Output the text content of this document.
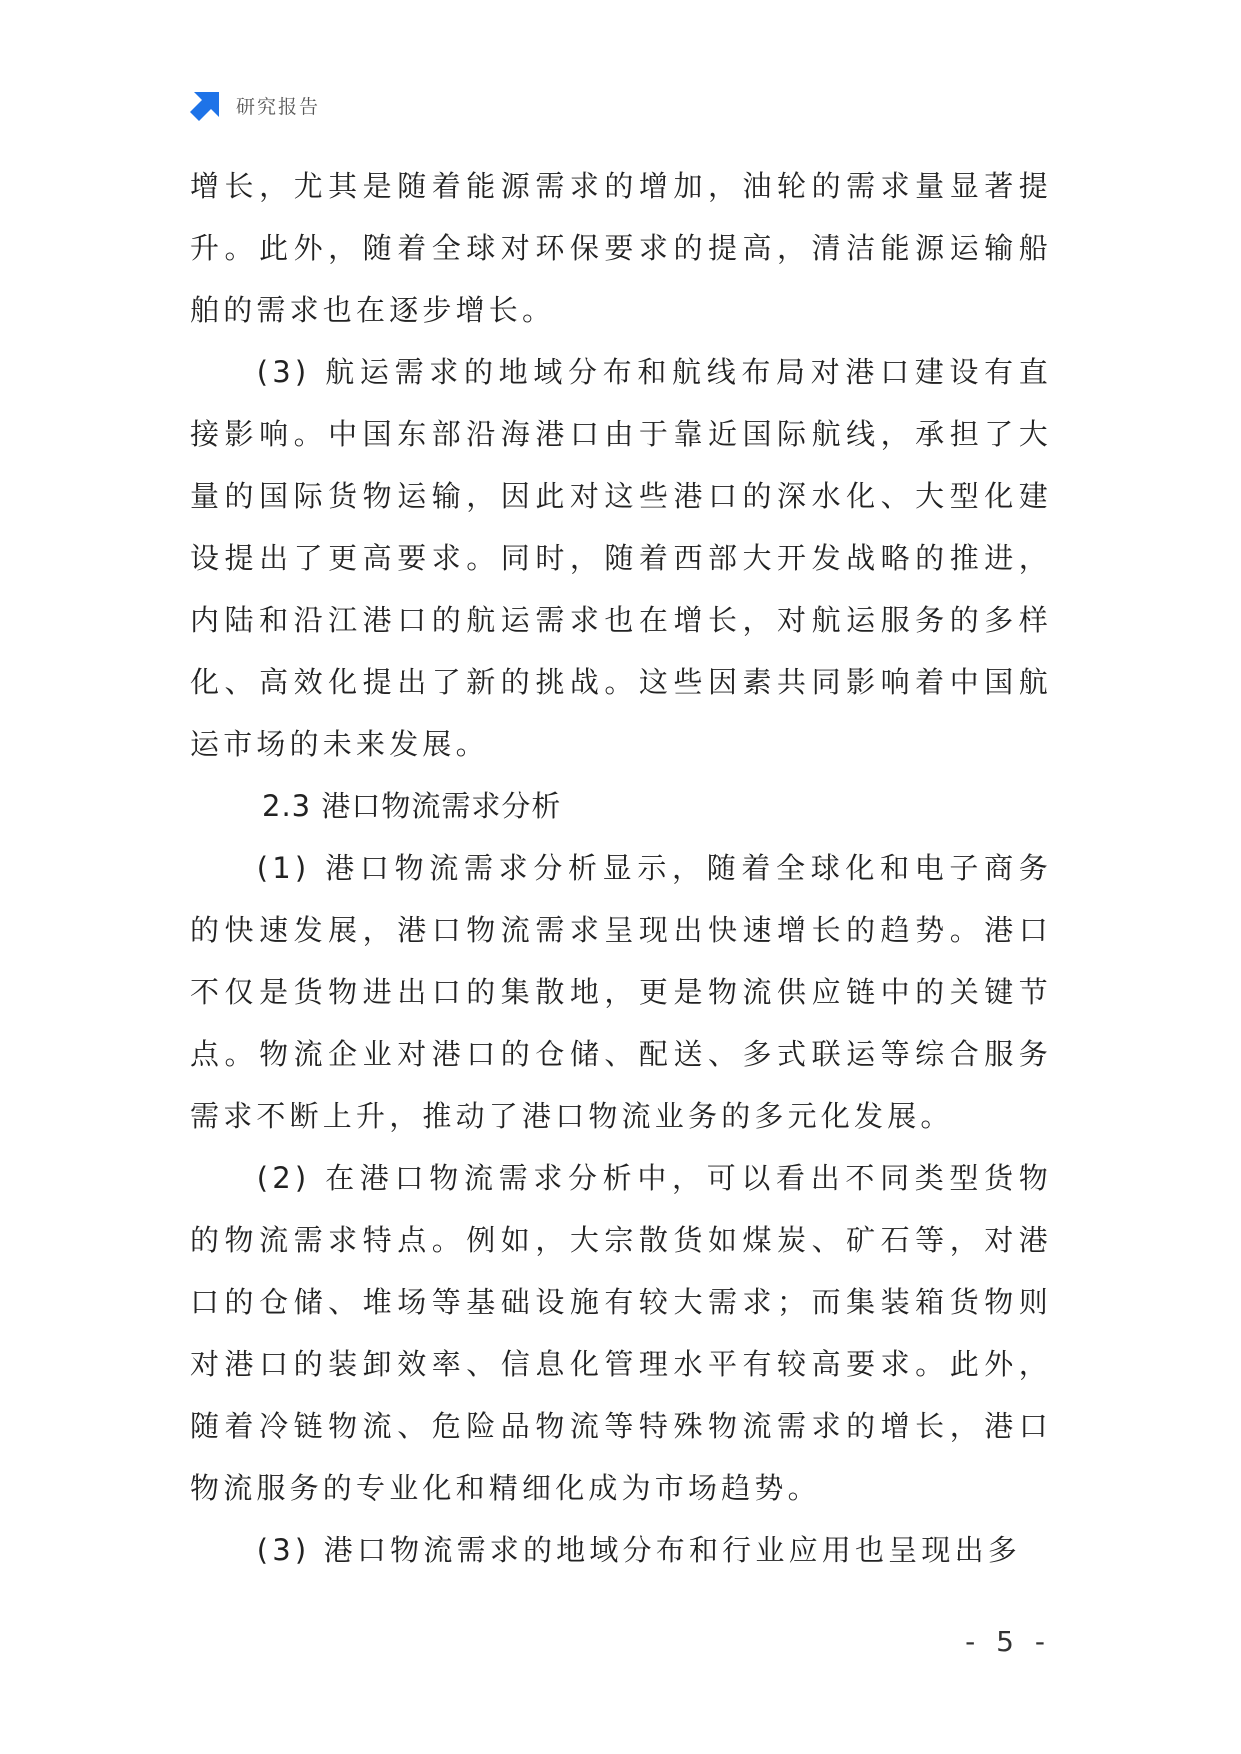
研究报告

增长，尤其是随着能源需求的增加，油轮的需求量显著提升。此外，随着全球对环保要求的提高，清洁能源运输船舶的需求也在逐步增长。

(3) 航运需求的地域分布和航线布局对港口建设有直接影响。中国东部沿海港口由于靠近国际航线，承担了大量的国际货物运输，因此对这些港口的深水化、大型化建设提出了更高要求。同时，随着西部大开发战略的推进，内陆和沿江港口的航运需求也在增长，对航运服务的多样化、高效化提出了新的挑战。这些因素共同影响着中国航运市场的未来发展。

2.3 港口物流需求分析

(1) 港口物流需求分析显示，随着全球化和电子商务的快速发展，港口物流需求呈现出快速增长的趋势。港口不仅是货物进出口的集散地，更是物流供应链中的关键节点。物流企业对港口的仓储、配送、多式联运等综合服务需求不断上升，推动了港口物流业务的多元化发展。

(2) 在港口物流需求分析中，可以看出不同类型货物的物流需求特点。例如，大宗散货如煤炭、矿石等，对港口的仓储、堆场等基础设施有较大需求；而集装箱货物则对港口的装卸效率、信息化管理水平有较高要求。此外，随着冷链物流、危险品物流等特殊物流需求的增长，港口物流服务的专业化和精细化成为市场趋势。

(3) 港口物流需求的地域分布和行业应用也呈现出多

- 5 -
